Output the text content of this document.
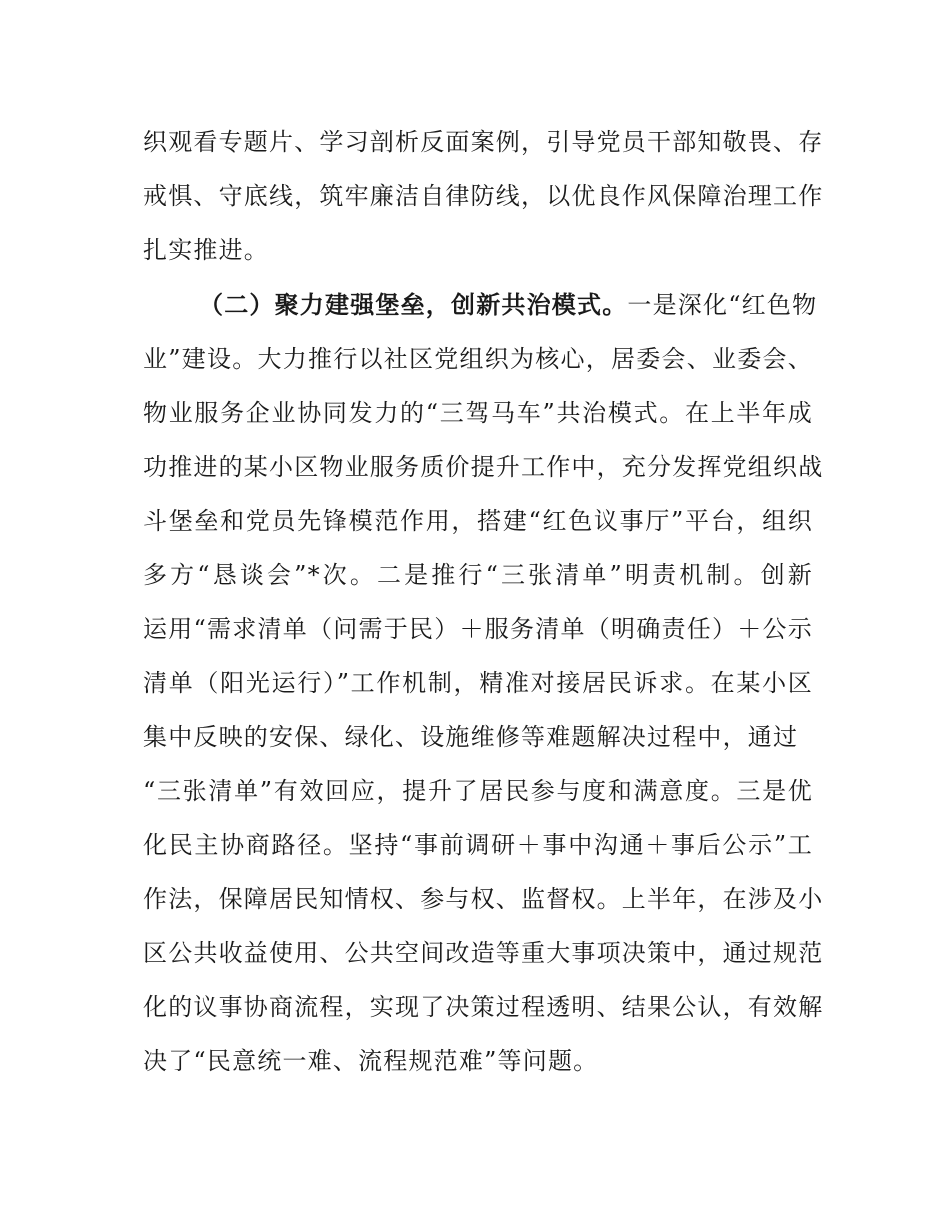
织观看专题片、学习剖析反面案例，引导党员干部知敬畏、存
戒惧、守底线，筑牢廉洁自律防线，以优良作风保障治理工作
扎实推进。
（二）聚力建强堡垒，创新共治模式。一是深化“红色物
业”建设。大力推行以社区党组织为核心，居委会、业委会、
物业服务企业协同发力的“三驾马车”共治模式。在上半年成
功推进的某小区物业服务质价提升工作中，充分发挥党组织战
斗堡垒和党员先锋模范作用，搭建“红色议事厅”平台，组织
多方“恳谈会”*次。二是推行“三张清单”明责机制。创新
运用“需求清单（问需于民）＋服务清单（明确责任）＋公示
清单（阳光运行）”工作机制，精准对接居民诉求。在某小区
集中反映的安保、绿化、设施维修等难题解决过程中，通过
“三张清单”有效回应，提升了居民参与度和满意度。三是优
化民主协商路径。坚持“事前调研＋事中沟通＋事后公示”工
作法，保障居民知情权、参与权、监督权。上半年，在涉及小
区公共收益使用、公共空间改造等重大事项决策中，通过规范
化的议事协商流程，实现了决策过程透明、结果公认，有效解
决了“民意统一难、流程规范难”等问题。
